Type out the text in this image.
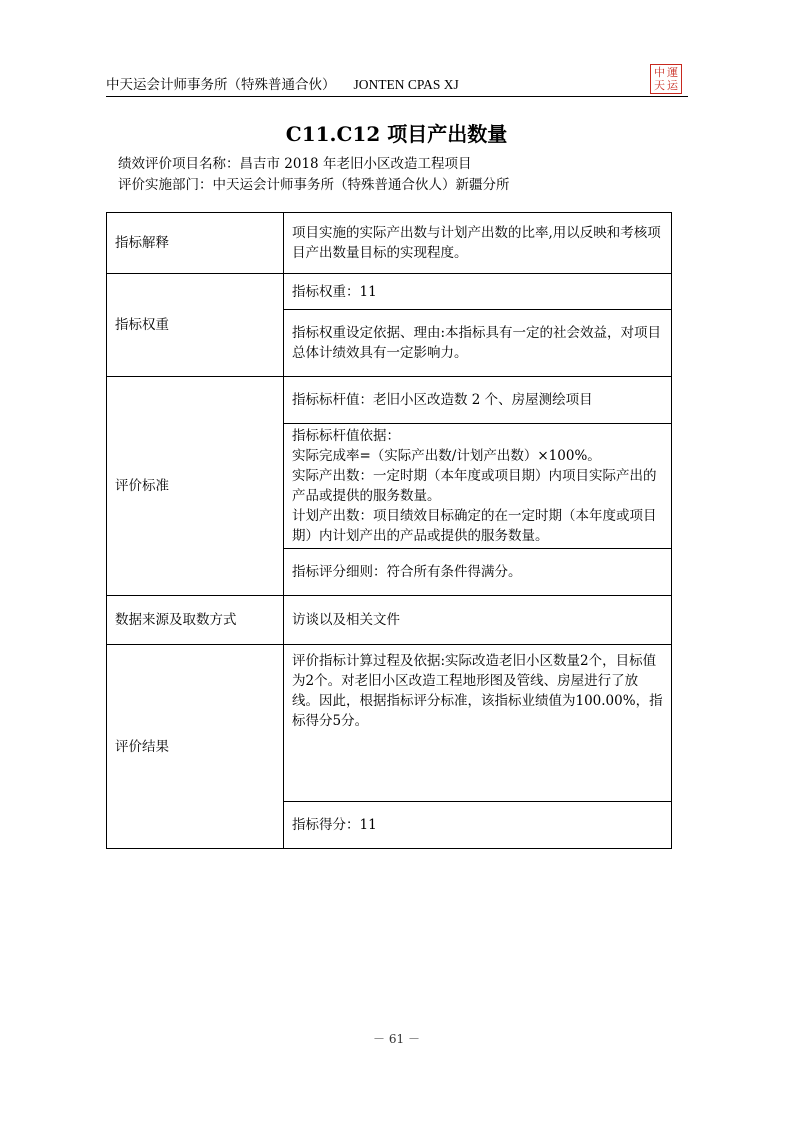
中天运会计师事务所（特殊普通合伙） JONTEN CPAS XJ
中 運
天 运
C11.C12 项目产出数量
绩效评价项目名称：昌吉市 2018 年老旧小区改造工程项目
评价实施部门：中天运会计师事务所（特殊普通合伙人）新疆分所
指标解释	项目实施的实际产出数与计划产出数的比率,用以反映和考核项目产出数量目标的实现程度。
指标权重	指标权重：11
	指标权重设定依据、理由:本指标具有一定的社会效益，对项目总体计绩效具有一定影响力。
评价标准	指标标杆值：老旧小区改造数 2 个、房屋测绘项目

	指标标杆值依据：
实际完成率=（实际产出数/计划产出数）×100%。
实际产出数：一定时期（本年度或项目期）内项目实际产出的产品或提供的服务数量。
计划产出数：项目绩效目标确定的在一定时期（本年度或项目期）内计划产出的产品或提供的服务数量。

	指标评分细则：符合所有条件得满分。
数据来源及取数方式	访谈以及相关文件
评价结果	评价指标计算过程及依据:实际改造老旧小区数量2个，目标值为2个。对老旧小区改造工程地形图及管线、房屋进行了放线。因此，根据指标评分标准，该指标业绩值为100.00%，指标得分5分。
	指标得分：11
－ 61 －
